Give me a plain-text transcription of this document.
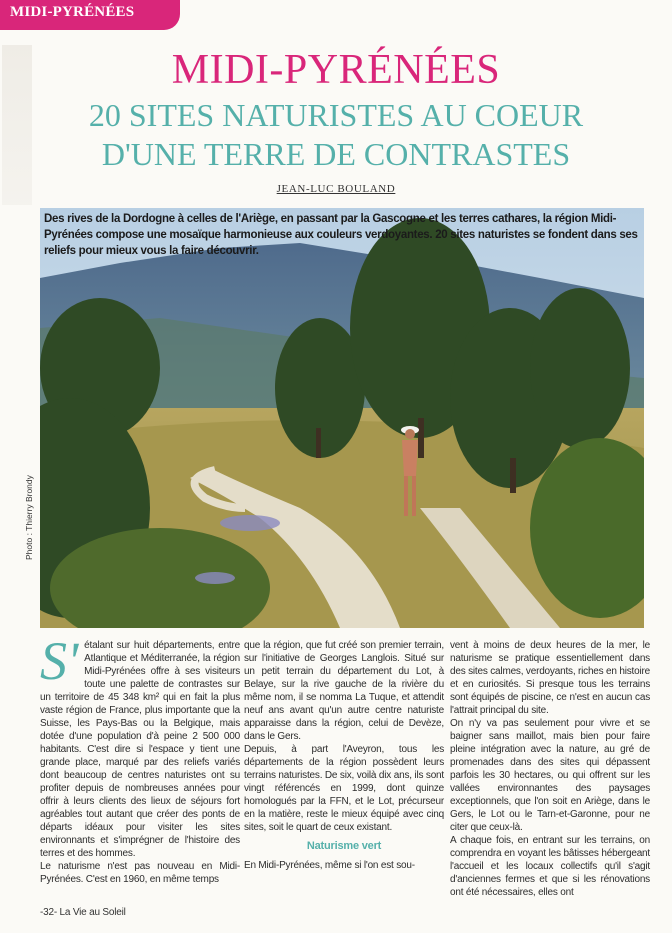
MIDI-PYRÉNÉES
MIDI-PYRÉNÉES
20 SITES NATURISTES AU COEUR
D'UNE TERRE DE CONTRASTES
JEAN-LUC BOULAND
Des rives de la Dordogne à celles de l'Ariège, en passant par la Gascogne et les terres cathares, la région Midi-Pyrénées compose une mosaïque harmonieuse aux couleurs verdoyantes. 20 sites naturistes se fondent dans ses reliefs pour mieux vous la faire découvrir.
Photo : Thierry Brondy
S' étalant sur huit départements, entre Atlantique et Méditerranée, la région Midi-Pyrénées offre à ses visiteurs toute une palette de contrastes sur un territoire de 45 348 km² qui en fait la plus vaste région de France, plus importante que la Suisse, les Pays-Bas ou la Belgique, mais dotée d'une population d'à peine 2 500 000 habitants. C'est dire si l'espace y tient une grande place, marqué par des reliefs variés dont beaucoup de centres naturistes ont su profiter depuis de nombreuses années pour offrir à leurs clients des lieux de séjours fort agréables tout autant que créer des ponts de départs idéaux pour visiter les sites environnants et s'imprégner de l'histoire des terres et des hommes.

Le naturisme n'est pas nouveau en Midi-Pyrénées. C'est en 1960, en même temps

que la région, que fut créé son premier terrain, sur l'initiative de Georges Langlois. Situé sur un petit terrain du département du Lot, à Belaye, sur la rive gauche de la rivière du même nom, il se nomma La Tuque, et attendit neuf ans avant qu'un autre centre naturiste apparaisse dans la région, celui de Devèze, dans le Gers.

Depuis, à part l'Aveyron, tous les départements de la région possèdent leurs terrains naturistes. De six, voilà dix ans, ils sont vingt référencés en 1999, dont quinze homologués par la FFN, et le Lot, précurseur en la matière, reste le mieux équipé avec cinq sites, soit le quart de ceux existant.

Naturisme vert

En Midi-Pyrénées, même si l'on est sou-

vent à moins de deux heures de la mer, le naturisme se pratique essentiellement dans des sites calmes, verdoyants, riches en histoire et en curiosités. Si presque tous les terrains sont équipés de piscine, ce n'est en aucun cas l'attrait principal du site.

On n'y va pas seulement pour vivre et se baigner sans maillot, mais bien pour faire pleine intégration avec la nature, au gré de promenades dans des sites qui dépassent parfois les 30 hectares, ou qui offrent sur les vallées environnantes des paysages exceptionnels, que l'on soit en Ariège, dans le Gers, le Lot ou le Tarn-et-Garonne, pour ne citer que ceux-là.

A chaque fois, en entrant sur les terrains, on comprendra en voyant les bâtisses hébergeant l'accueil et les locaux collectifs qu'il s'agit d'anciennes fermes et que si les rénovations ont été nécessaires, elles ont

-32- La Vie au Soleil
